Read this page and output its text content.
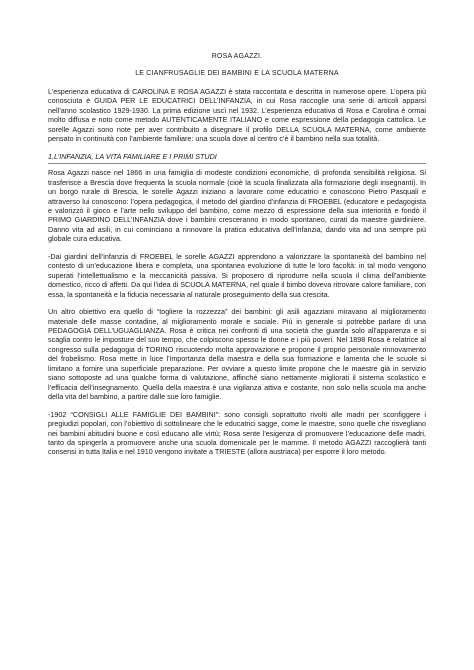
ROSA AGAZZI.
LE CIANFRUSAGLIE DEI BAMBINI E LA SCUOLA MATERNA

L’esperienza educativa di CAROLINA E ROSA AGAZZI è stata raccontata e descritta in numerose opere. L’opera più conosciuta è GUIDA PER LE EDUCATRICI DELL’INFANZIA, in cui Rosa raccoglie una serie di articoli apparsi nell’anno scolastico 1929-1930. La prima edizione uscì nel 1932. L’esperienza educativa di Rosa e Carolina è ormai molto diffusa e noto come metodo AUTENTICAMENTE ITALIANO e come espressione della pedagogia cattolica. Le sorelle Agazzi sono note per aver contribuito a disegnare il profilo DELLA SCUOLA MATERNA, come ambiente pensato in continuità con l’ambiente familiare: una scuola dove al centro c’è il bambino nella sua totalità.

1.L’INFANZIA, LA VITA FAMILIARE E I PRIMI STUDI

Rosa Agazzi nasce nel 1866 in una famiglia di modeste condizioni economiche, di profonda sensibilità religiosa. Si trasferisce a Brescia dove frequenta la scuola normale (cioè la scuola finalizzata alla formazione degli insegnanti). In un borgo rurale di Brescia, le sorelle Agazzi iniziano a lavorare come educatrici e conoscono Pietro Pasquali e attraverso lui conoscono: l’opera pedagogica, il metodo del giardino d’infanzia di FROEBEL (educatore e pedagogista e valorizzò il gioco e l’arte nello sviluppo del bambino, come mezzo di espressione della sua interiorità e fondò il PRIMO GIARDINO DELL’INFANZIA dove i bambini cresceranno in modo spontaneo, curati da maestre giardiniere. Danno vita ad asili, in cui cominciano a rinnovare la pratica educativa dell’infanzia, dando vita ad una sempre più globale cura educativa.

-Dai giardini dell’infanzia di FROEBEL le sorelle AGAZZI apprendono a valorizzare la spontaneità del bambino nel contesto di un’educazione libera e completa, una spontanea evoluzione di tutte le loro facoltà: in tal modo vengono superati l’intellettualismo e la meccanicità passiva. Si proposero di riprodurre nella scuola il clima dell’ambiente domestico, ricco di affetti. Da qui l’idea di SCUOLA MATERNA, nel quale il bimbo doveva ritrovare calore familiare, con essa, la spontaneità e la fiducia necessaria al naturale proseguimento della sua crescita.

Un altro obiettivo era quello di “togliere la rozzezza” dei bambini: gli asili agazziani miravano al miglioramento materiale delle masse contadine, al miglioramento morale e sociale. Più in generale si potrebbe parlare di una PEDAGOGIA DELL’UGUAGLIANZA. Rosa è critica nei confronti di una società che guarda solo all’apparenza e si scaglia contro le imposture del suo tempo, che colpiscono spesso le donne e i più poveri. Nel 1898 Rosa è relatrice al congresso sulla pedagogia di TORINO riscuotendo molta approvazione e propone il proprio personale rinnovamento del frobelismo. Rosa mette in luce l’importanza della maestra e della sua formazione e lamenta che le scuole si limitano a fornire una superficiale preparazione. Per ovviare a questo limite propone che le maestre già in servizio siano sottoposte ad una qualche forma di valutazione, affinché siano nettamente migliorati il sistema scolastico e l’efficacia dell’insegnamento. Quella della maestra è una vigilanza attiva e costante, non solo nella scuola ma anche della vita del bambino, a partire dalle sue loro famiglie.

-1902 “CONSIGLI ALLE FAMIGLIE DEI BAMBINI”: sono consigli soprattutto rivolti alle madri per sconfiggere i pregiudizi popolari, con l’obiettivo di sottolineare che le educatrici sagge, come le maestre, sono quelle che risvegliano nei bambini abitudini buone e così educano alle virtù; Rosa sente l’esigenza di promuovere l’educazione delle madri, tanto da spingerla a promuovere anche una scuola domenicale per le mamme. Il metodo AGAZZI raccoglierà tanti consensi in tutta Italia e nel 1910 vengono invitate a TRIESTE (allora austriaca) per esporre il loro metodo.
